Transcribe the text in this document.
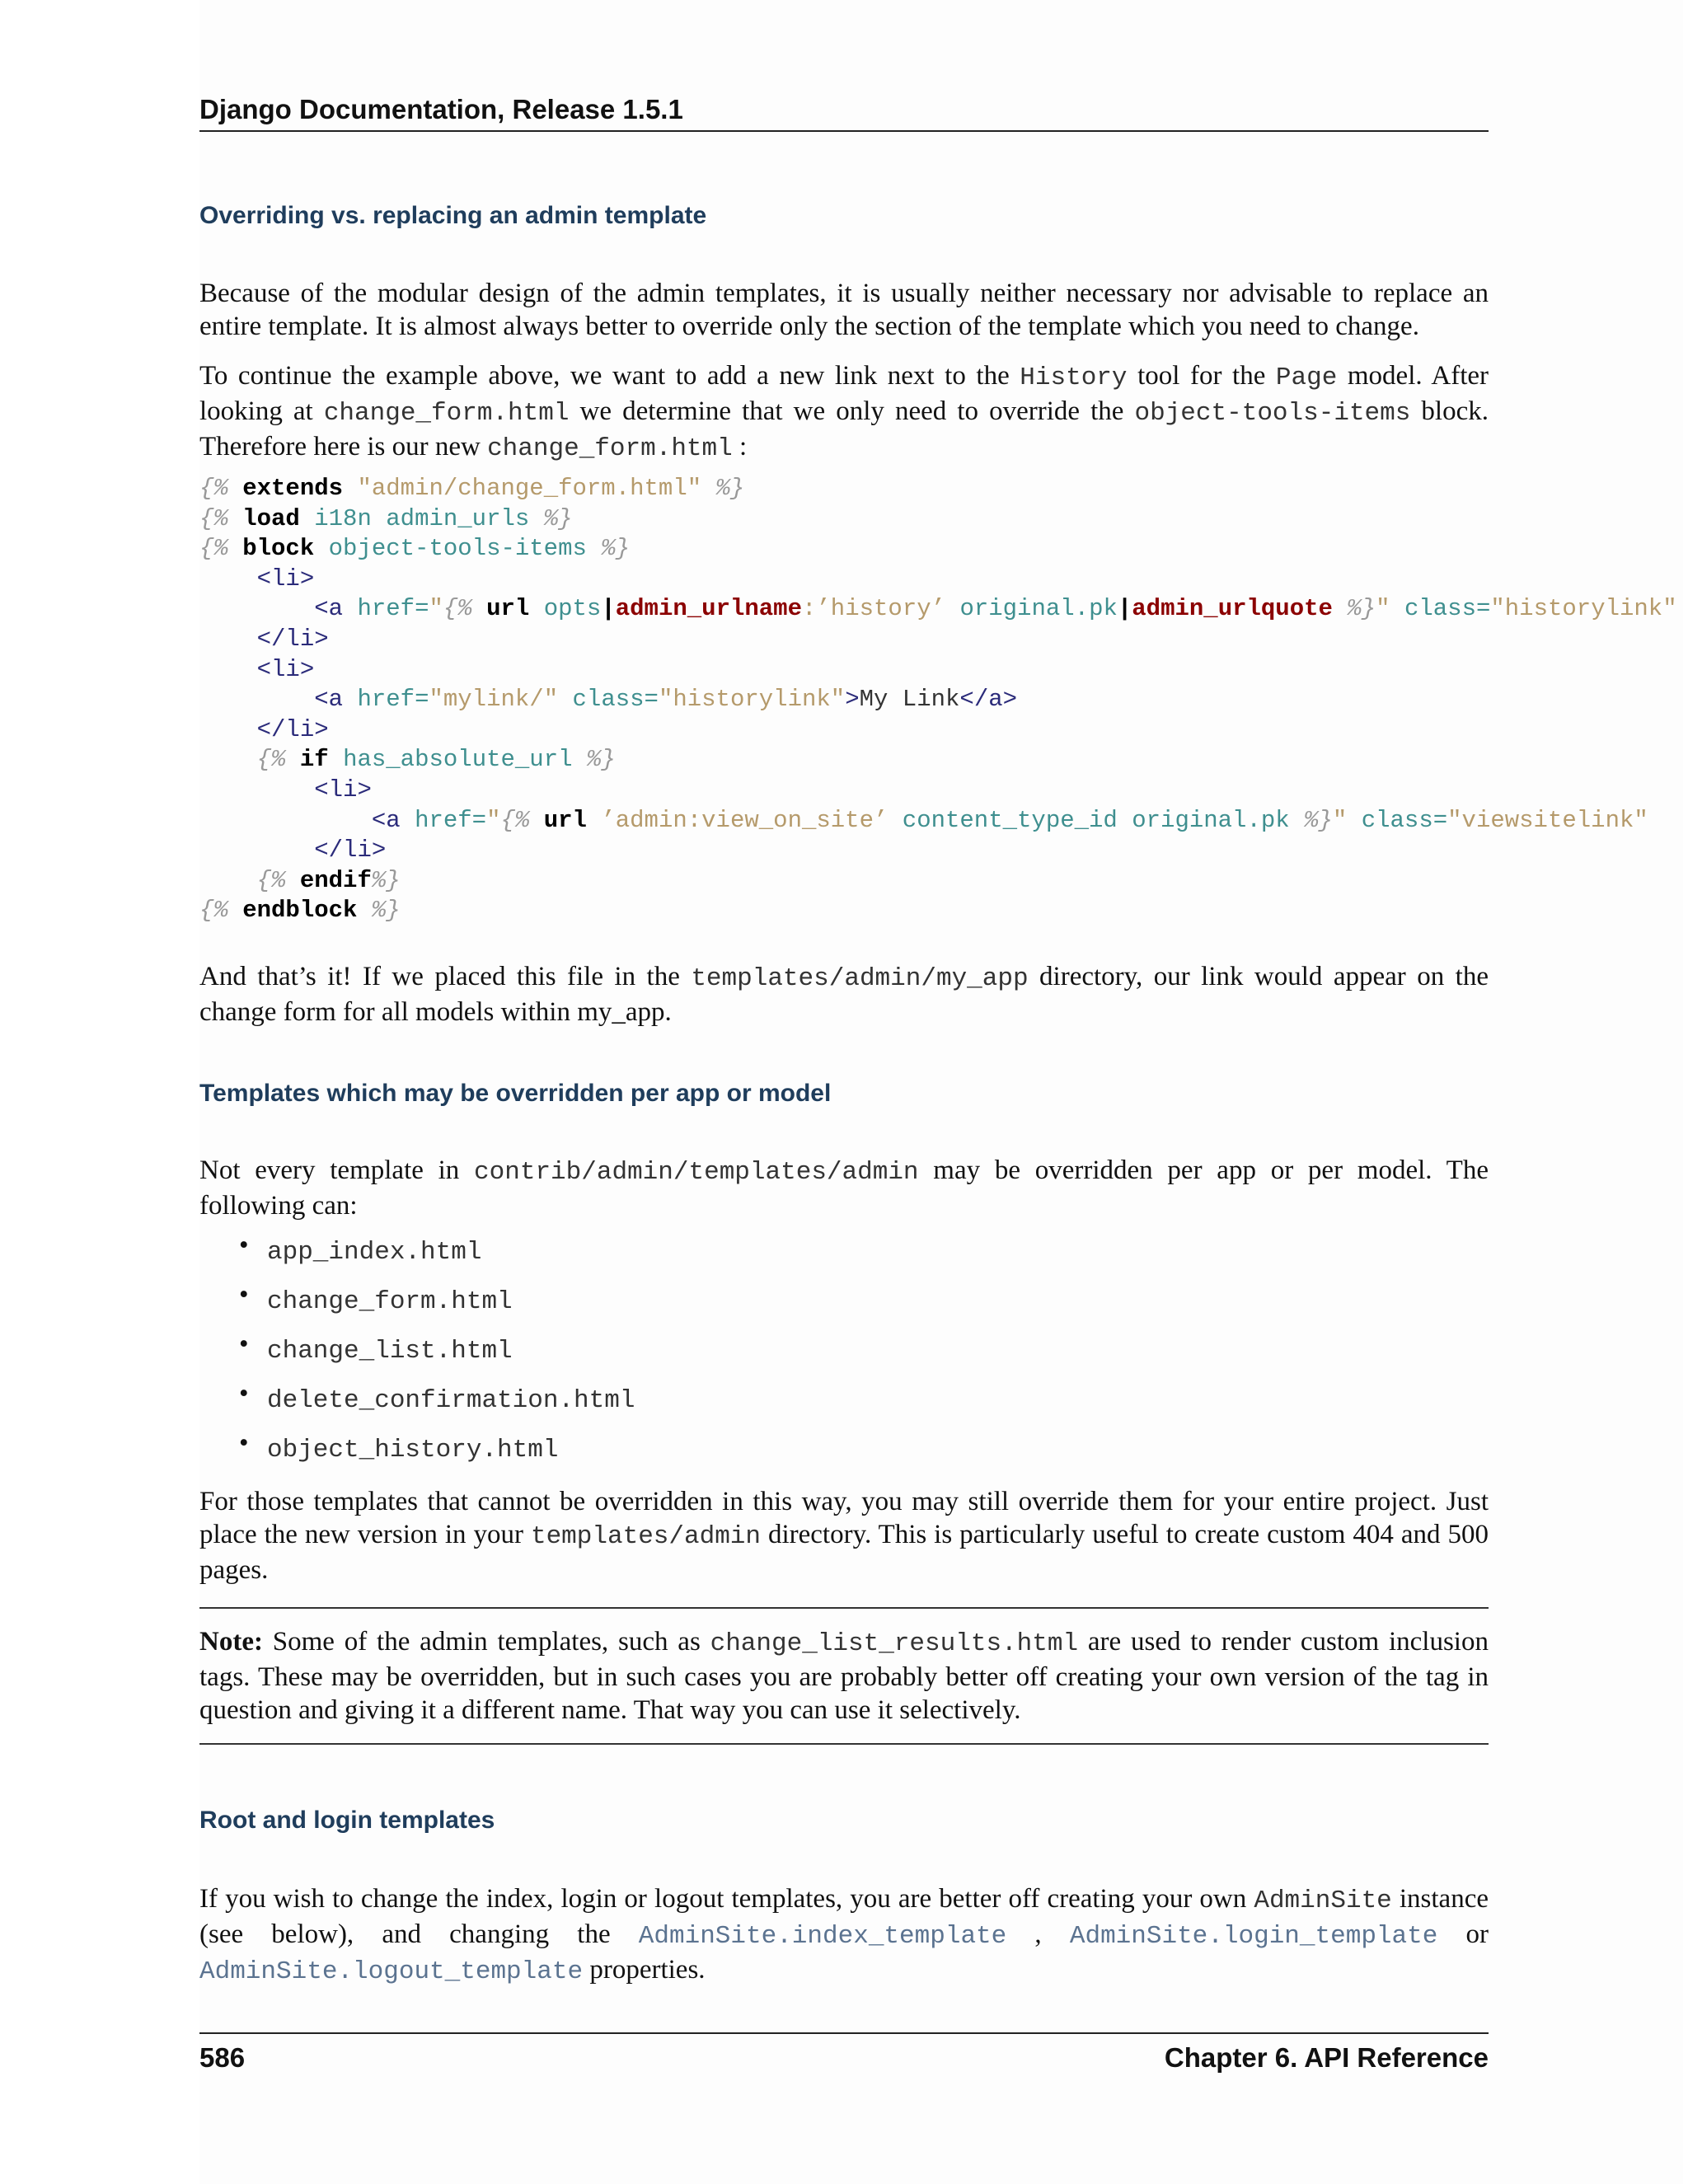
Django Documentation, Release 1.5.1
Overriding vs. replacing an admin template

Because of the modular design of the admin templates, it is usually neither necessary nor advisable to replace an entire template. It is almost always better to override only the section of the template which you need to change.

To continue the example above, we want to add a new link next to the History tool for the Page model. After looking at change_form.html we determine that we only need to override the object-tools-items block. Therefore here is our new change_form.html :

{% extends "admin/change_form.html" %}
{% load i18n admin_urls %}
{% block object-tools-items %}
<li>
<a href="{% url opts|admin_urlname:’history’ original.pk|admin_urlquote %}" class="historylink"
</li>
<li>
<a href="mylink/" class="historylink">My Link</a>
</li>
{% if has_absolute_url %}
<li>
<a href="{% url ’admin:view_on_site’ content_type_id original.pk %}" class="viewsitelink"
</li>
{% endif%}
{% endblock %}

And that’s it! If we placed this file in the templates/admin/my_app directory, our link would appear on the change form for all models within my_app.

Templates which may be overridden per app or model

Not every template in contrib/admin/templates/admin may be overridden per app or per model. The following can:

• app_index.html
• change_form.html
• change_list.html
• delete_confirmation.html
• object_history.html

For those templates that cannot be overridden in this way, you may still override them for your entire project. Just place the new version in your templates/admin directory. This is particularly useful to create custom 404 and 500 pages.

Note: Some of the admin templates, such as change_list_results.html are used to render custom inclusion tags. These may be overridden, but in such cases you are probably better off creating your own version of the tag in question and giving it a different name. That way you can use it selectively.

Root and login templates

If you wish to change the index, login or logout templates, you are better off creating your own AdminSite instance (see below), and changing the AdminSite.index_template , AdminSite.login_template or AdminSite.logout_template properties.

586	Chapter 6. API Reference
